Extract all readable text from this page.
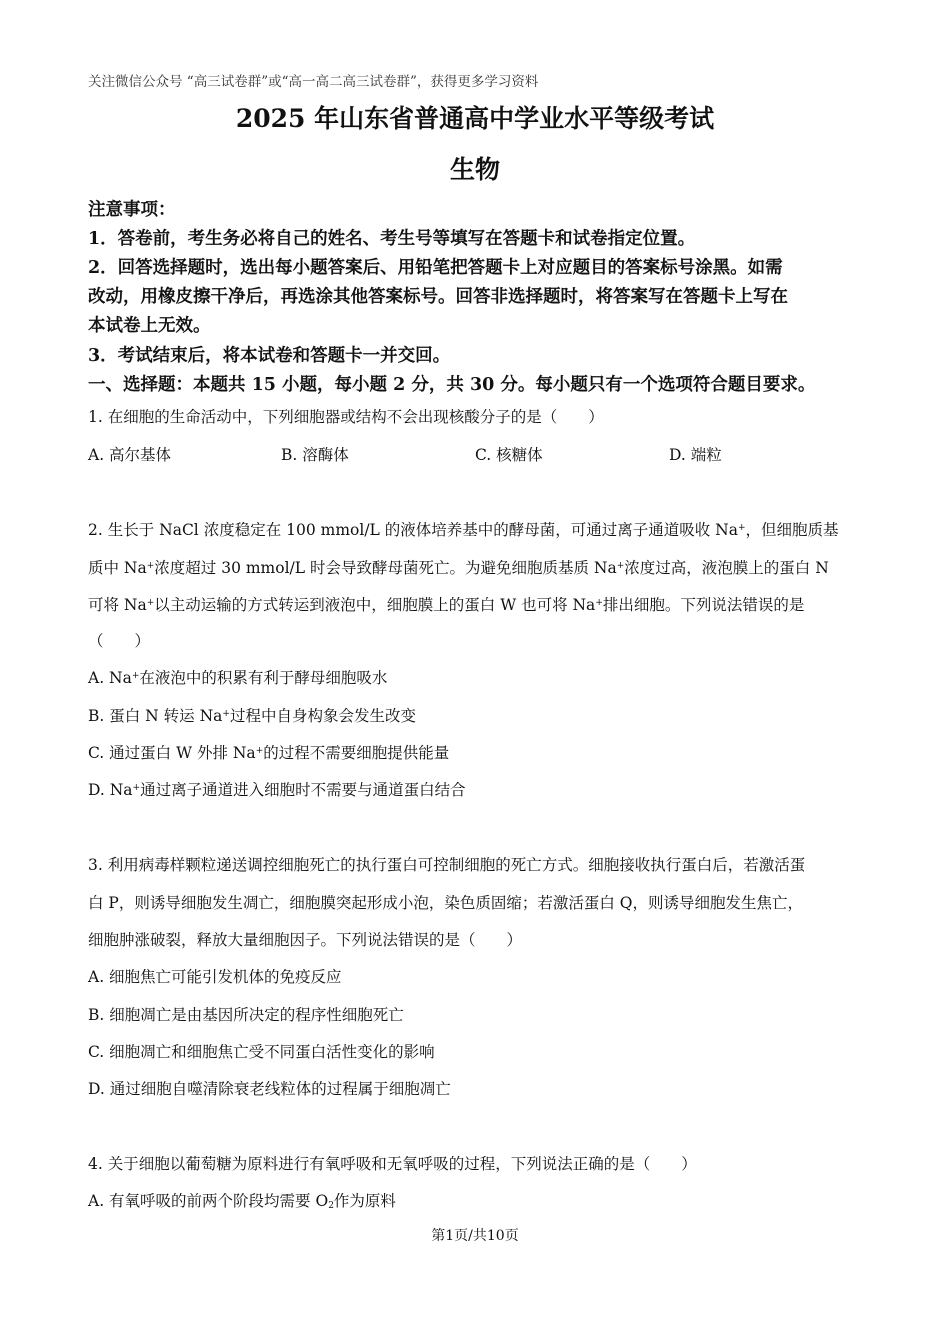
关注微信公众号 “高三试卷群”或“高一高二高三试卷群”，获得更多学习资料
2025 年山东省普通高中学业水平等级考试
生物
注意事项：
1．答卷前，考生务必将自己的姓名、考生号等填写在答题卡和试卷指定位置。
2．回答选择题时，选出每小题答案后、用铅笔把答题卡上对应题目的答案标号涂黑。如需
改动，用橡皮擦干净后，再选涂其他答案标号。回答非选择题时，将答案写在答题卡上写在
本试卷上无效。
3．考试结束后，将本试卷和答题卡一并交回。
一、选择题：本题共 15 小题，每小题 2 分，共 30 分。每小题只有一个选项符合题目要求。
1. 在细胞的生命活动中，下列细胞器或结构不会出现核酸分子的是（　　）
A. 高尔基体	B. 溶酶体	C. 核糖体	D. 端粒
2. 生长于 NaCl 浓度稳定在 100 mmol/L 的液体培养基中的酵母菌，可通过离子通道吸收 Na+，但细胞质基
质中 Na+浓度超过 30 mmol/L 时会导致酵母菌死亡。为避免细胞质基质 Na+浓度过高，液泡膜上的蛋白 N
可将 Na+以主动运输的方式转运到液泡中，细胞膜上的蛋白 W 也可将 Na+排出细胞。下列说法错误的是
（　　）
A. Na+在液泡中的积累有利于酵母细胞吸水
B. 蛋白 N 转运 Na+过程中自身构象会发生改变
C. 通过蛋白 W 外排 Na+的过程不需要细胞提供能量
D. Na+通过离子通道进入细胞时不需要与通道蛋白结合
3. 利用病毒样颗粒递送调控细胞死亡的执行蛋白可控制细胞的死亡方式。细胞接收执行蛋白后，若激活蛋
白 P，则诱导细胞发生凋亡，细胞膜突起形成小泡，染色质固缩；若激活蛋白 Q，则诱导细胞发生焦亡，
细胞肿涨破裂，释放大量细胞因子。下列说法错误的是（　　）
A. 细胞焦亡可能引发机体的免疫反应
B. 细胞凋亡是由基因所决定的程序性细胞死亡
C. 细胞凋亡和细胞焦亡受不同蛋白活性变化的影响
D. 通过细胞自噬清除衰老线粒体的过程属于细胞凋亡
4. 关于细胞以葡萄糖为原料进行有氧呼吸和无氧呼吸的过程，下列说法正确的是（　　）
A. 有氧呼吸的前两个阶段均需要 $O_2$作为原料
第1页/共10页
